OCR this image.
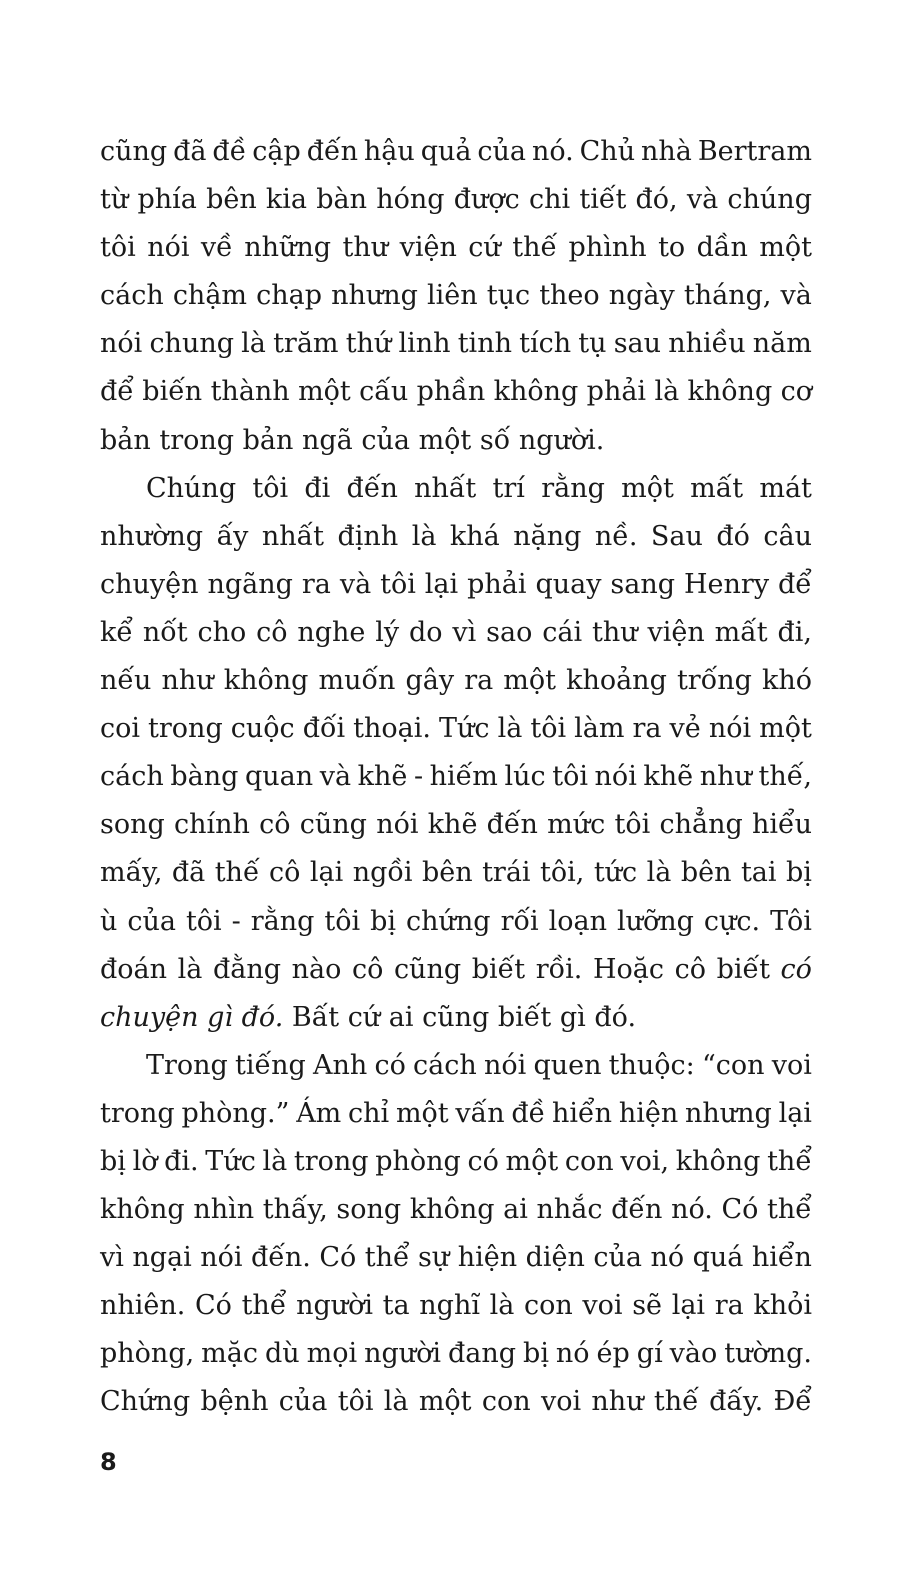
cũng đã đề cập đến hậu quả của nó. Chủ nhà Bertram
từ phía bên kia bàn hóng được chi tiết đó, và chúng
tôi nói về những thư viện cứ thế phình to dần một
cách chậm chạp nhưng liên tục theo ngày tháng, và
nói chung là trăm thứ linh tinh tích tụ sau nhiều năm
để biến thành một cấu phần không phải là không cơ
bản trong bản ngã của một số người.
Chúng tôi đi đến nhất trí rằng một mất mát
nhường ấy nhất định là khá nặng nề. Sau đó câu
chuyện ngãng ra và tôi lại phải quay sang Henry để
kể nốt cho cô nghe lý do vì sao cái thư viện mất đi,
nếu như không muốn gây ra một khoảng trống khó
coi trong cuộc đối thoại. Tức là tôi làm ra vẻ nói một
cách bàng quan và khẽ - hiếm lúc tôi nói khẽ như thế,
song chính cô cũng nói khẽ đến mức tôi chẳng hiểu
mấy, đã thế cô lại ngồi bên trái tôi, tức là bên tai bị
ù của tôi - rằng tôi bị chứng rối loạn lưỡng cực. Tôi
đoán là đằng nào cô cũng biết rồi. Hoặc cô biết có
chuyện gì đó. Bất cứ ai cũng biết gì đó.
Trong tiếng Anh có cách nói quen thuộc: “con voi
trong phòng.” Ám chỉ một vấn đề hiển hiện nhưng lại
bị lờ đi. Tức là trong phòng có một con voi, không thể
không nhìn thấy, song không ai nhắc đến nó. Có thể
vì ngại nói đến. Có thể sự hiện diện của nó quá hiển
nhiên. Có thể người ta nghĩ là con voi sẽ lại ra khỏi
phòng, mặc dù mọi người đang bị nó ép gí vào tường.
Chứng bệnh của tôi là một con voi như thế đấy. Để
8
